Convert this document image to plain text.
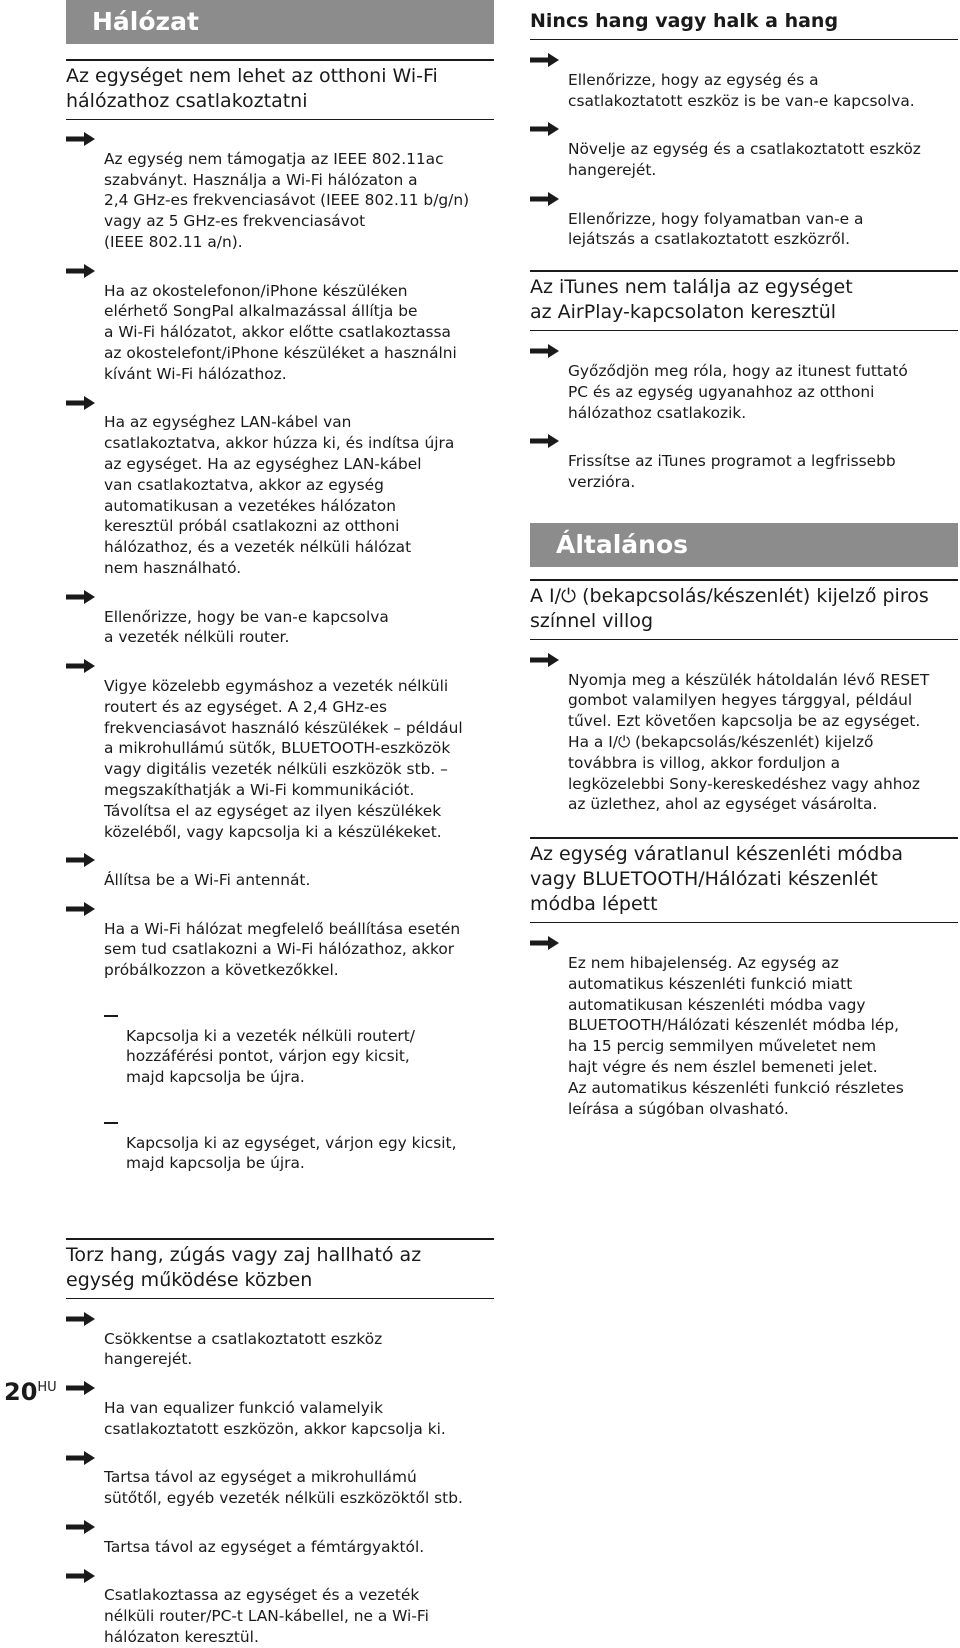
Hálózat
Az egységet nem lehet az otthoni Wi-Fi
hálózathoz csatlakoztatni

Az egység nem támogatja az IEEE 802.11ac
szabványt. Használja a Wi-Fi hálózaton a
2,4 GHz-es frekvenciasávot (IEEE 802.11 b/g/n)
vagy az 5 GHz-es frekvenciasávot
(IEEE 802.11 a/n).

Ha az okostelefonon/iPhone készüléken
elérhető SongPal alkalmazással állítja be
a Wi-Fi hálózatot, akkor előtte csatlakoztassa
az okostelefont/iPhone készüléket a használni
kívánt Wi-Fi hálózathoz.

Ha az egységhez LAN-kábel van
csatlakoztatva, akkor húzza ki, és indítsa újra
az egységet. Ha az egységhez LAN-kábel
van csatlakoztatva, akkor az egység
automatikusan a vezetékes hálózaton
keresztül próbál csatlakozni az otthoni
hálózathoz, és a vezeték nélküli hálózat
nem használható.

Ellenőrizze, hogy be van-e kapcsolva
a vezeték nélküli router.

Vigye közelebb egymáshoz a vezeték nélküli
routert és az egységet. A 2,4 GHz-es
frekvenciasávot használó készülékek – például
a mikrohullámú sütők, BLUETOOTH-eszközök
vagy digitális vezeték nélküli eszközök stb. –
megszakíthatják a Wi-Fi kommunikációt.
Távolítsa el az egységet az ilyen készülékek
közeléből, vagy kapcsolja ki a készülékeket.

Állítsa be a Wi-Fi antennát.

Ha a Wi-Fi hálózat megfelelő beállítása esetén
sem tud csatlakozni a Wi-Fi hálózathoz, akkor
próbálkozzon a következőkkel.

Kapcsolja ki a vezeték nélküli routert/
hozzáférési pontot, várjon egy kicsit,
majd kapcsolja be újra.

Kapcsolja ki az egységet, várjon egy kicsit,
majd kapcsolja be újra.

Torz hang, zúgás vagy zaj hallható az
egység működése közben

Csökkentse a csatlakoztatott eszköz
hangerejét.

Ha van equalizer funkció valamelyik
csatlakoztatott eszközön, akkor kapcsolja ki.

Tartsa távol az egységet a mikrohullámú
sütőtől, egyéb vezeték nélküli eszközöktől stb.

Tartsa távol az egységet a fémtárgyaktól.

Csatlakoztassa az egységet és a vezeték
nélküli router/PC-t LAN-kábellel, ne a Wi-Fi
hálózaton keresztül.

Nincs hang vagy halk a hang

Ellenőrizze, hogy az egység és a
csatlakoztatott eszköz is be van-e kapcsolva.

Növelje az egység és a csatlakoztatott eszköz
hangerejét.

Ellenőrizze, hogy folyamatban van-e a
lejátszás a csatlakoztatott eszközről.

Az iTunes nem találja az egységet
az AirPlay-kapcsolaton keresztül

Győződjön meg róla, hogy az itunest futtató
PC és az egység ugyanahhoz az otthoni
hálózathoz csatlakozik.

Frissítse az iTunes programot a legfrissebb
verzióra.

Általános
A I/⏻ (bekapcsolás/készenlét) kijelző piros
színnel villog

Nyomja meg a készülék hátoldalán lévő RESET
gombot valamilyen hegyes tárggyal, például
tűvel. Ezt követően kapcsolja be az egységet.
Ha a I/⏻ (bekapcsolás/készenlét) kijelző
továbbra is villog, akkor forduljon a
legközelebbi Sony-kereskedéshez vagy ahhoz
az üzlethez, ahol az egységet vásárolta.

Az egység váratlanul készenléti módba
vagy BLUETOOTH/Hálózati készenlét
módba lépett

Ez nem hibajelenség. Az egység az
automatikus készenléti funkció miatt
automatikusan készenléti módba vagy
BLUETOOTH/Hálózati készenlét módba lép,
ha 15 percig semmilyen műveletet nem
hajt végre és nem észlel bemeneti jelet.
Az automatikus készenléti funkció részletes
leírása a súgóban olvasható.

$20^{HU}$
